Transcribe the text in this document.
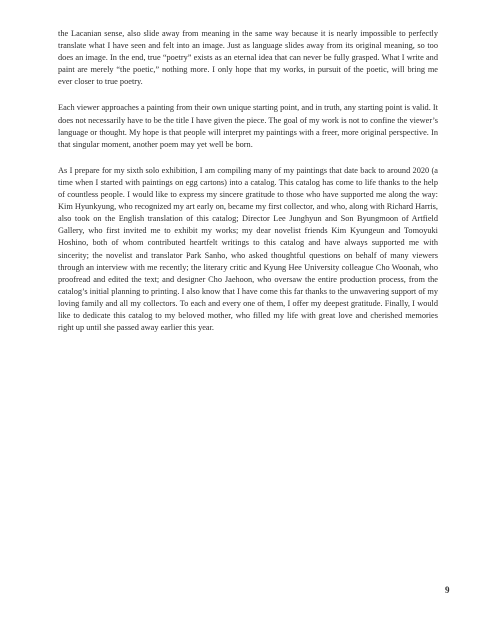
the Lacanian sense, also slide away from meaning in the same way because it is nearly impossible to perfectly translate what I have seen and felt into an image. Just as language slides away from its original meaning, so too does an image. In the end, true “poetry” exists as an eternal idea that can never be fully grasped. What I write and paint are merely “the poetic,” nothing more. I only hope that my works, in pursuit of the poetic, will bring me ever closer to true poetry.

Each viewer approaches a painting from their own unique starting point, and in truth, any starting point is valid. It does not necessarily have to be the title I have given the piece. The goal of my work is not to confine the viewer’s language or thought. My hope is that people will interpret my paintings with a freer, more original perspective. In that singular moment, another poem may yet well be born.

As I prepare for my sixth solo exhibition, I am compiling many of my paintings that date back to around 2020 (a time when I started with paintings on egg cartons) into a catalog. This catalog has come to life thanks to the help of countless people. I would like to express my sincere gratitude to those who have supported me along the way: Kim Hyunkyung, who recognized my art early on, became my first collector, and who, along with Richard Harris, also took on the English translation of this catalog; Director Lee Junghyun and Son Byungmoon of Artfield Gallery, who first invited me to exhibit my works; my dear novelist friends Kim Kyungeun and Tomoyuki Hoshino, both of whom contributed heartfelt writings to this catalog and have always supported me with sincerity; the novelist and translator Park Sanho, who asked thoughtful questions on behalf of many viewers through an interview with me recently; the literary critic and Kyung Hee University colleague Cho Woonah, who proofread and edited the text; and designer Cho Jaehoon, who oversaw the entire production process, from the catalog’s initial planning to printing. I also know that I have come this far thanks to the unwavering support of my loving family and all my collectors. To each and every one of them, I offer my deepest gratitude. Finally, I would like to dedicate this catalog to my beloved mother, who filled my life with great love and cherished memories right up until she passed away earlier this year.

9
